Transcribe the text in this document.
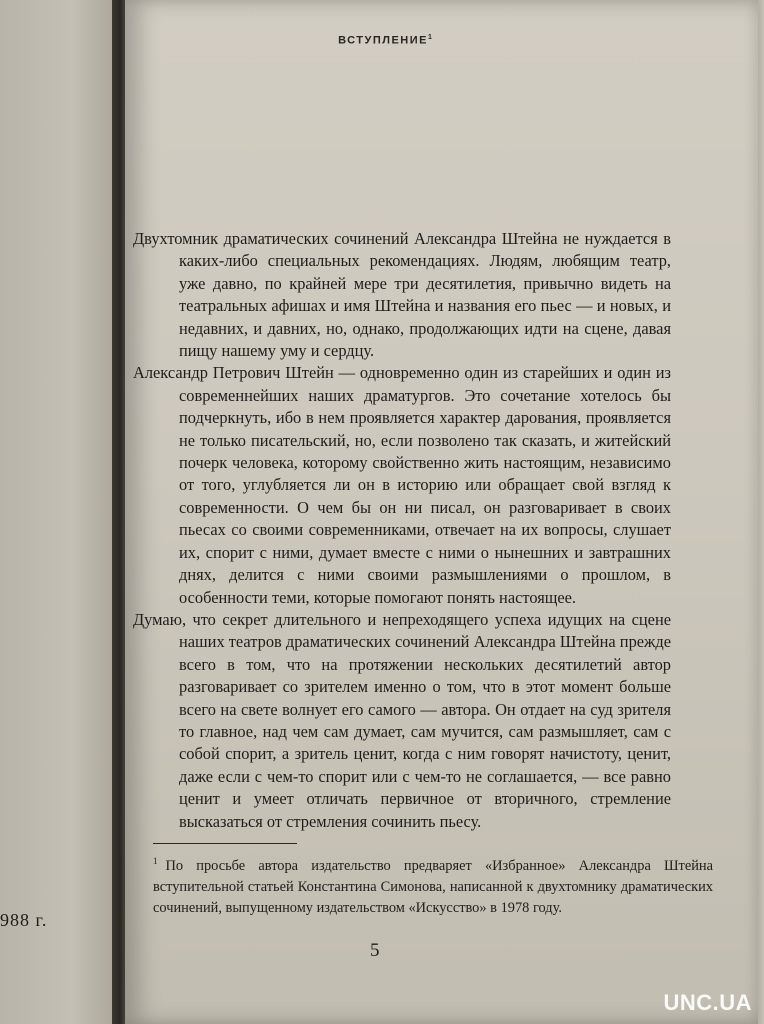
988 г.
ВСТУПЛЕНИЕ$^1$

Двухтомник драматических сочинений Александра Штейна не нуждается в каких-либо специальных рекомендациях. Людям, любящим театр, уже давно, по крайней мере три десятилетия, привычно видеть на театральных афишах и имя Штейна и названия его пьес — и новых, и недавних, и давних, но, однако, продолжающих идти на сцене, давая пищу нашему уму и сердцу.

Александр Петрович Штейн — одновременно один из старейших и один из современнейших наших драматургов. Это сочетание хотелось бы подчеркнуть, ибо в нем проявляется характер дарования, проявляется не только писательский, но, если позволено так сказать, и житейский почерк человека, которому свойственно жить настоящим, независимо от того, углубляется ли он в историю или обращает свой взгляд к современности. О чем бы он ни писал, он разговаривает в своих пьесах со своими современниками, отвечает на их вопросы, слушает их, спорит с ними, думает вместе с ними о нынешних и завтрашних днях, делится с ними своими размышлениями о прошлом, в особенности теми, которые помогают понять настоящее.

Думаю, что секрет длительного и непреходящего успеха идущих на сцене наших театров драматических сочинений Александра Штейна прежде всего в том, что на протяжении нескольких десятилетий автор разговаривает со зрителем именно о том, что в этот момент больше всего на свете волнует его самого — автора. Он отдает на суд зрителя то главное, над чем сам думает, сам мучится, сам размышляет, сам с собой спорит, а зритель ценит, когда с ним говорят начистоту, ценит, даже если с чем-то спорит или с чем-то не соглашается, — все равно ценит и умеет отличать первичное от вторичного, стремление высказаться от стремления сочинить пьесу.

$^1$ По просьбе автора издательство предваряет «Избранное» Александра Штейна вступительной статьей Константина Симонова, написанной к двухтомнику драматических сочинений, выпущенному издательством «Искусство» в 1978 году.

5
UNC.UA
